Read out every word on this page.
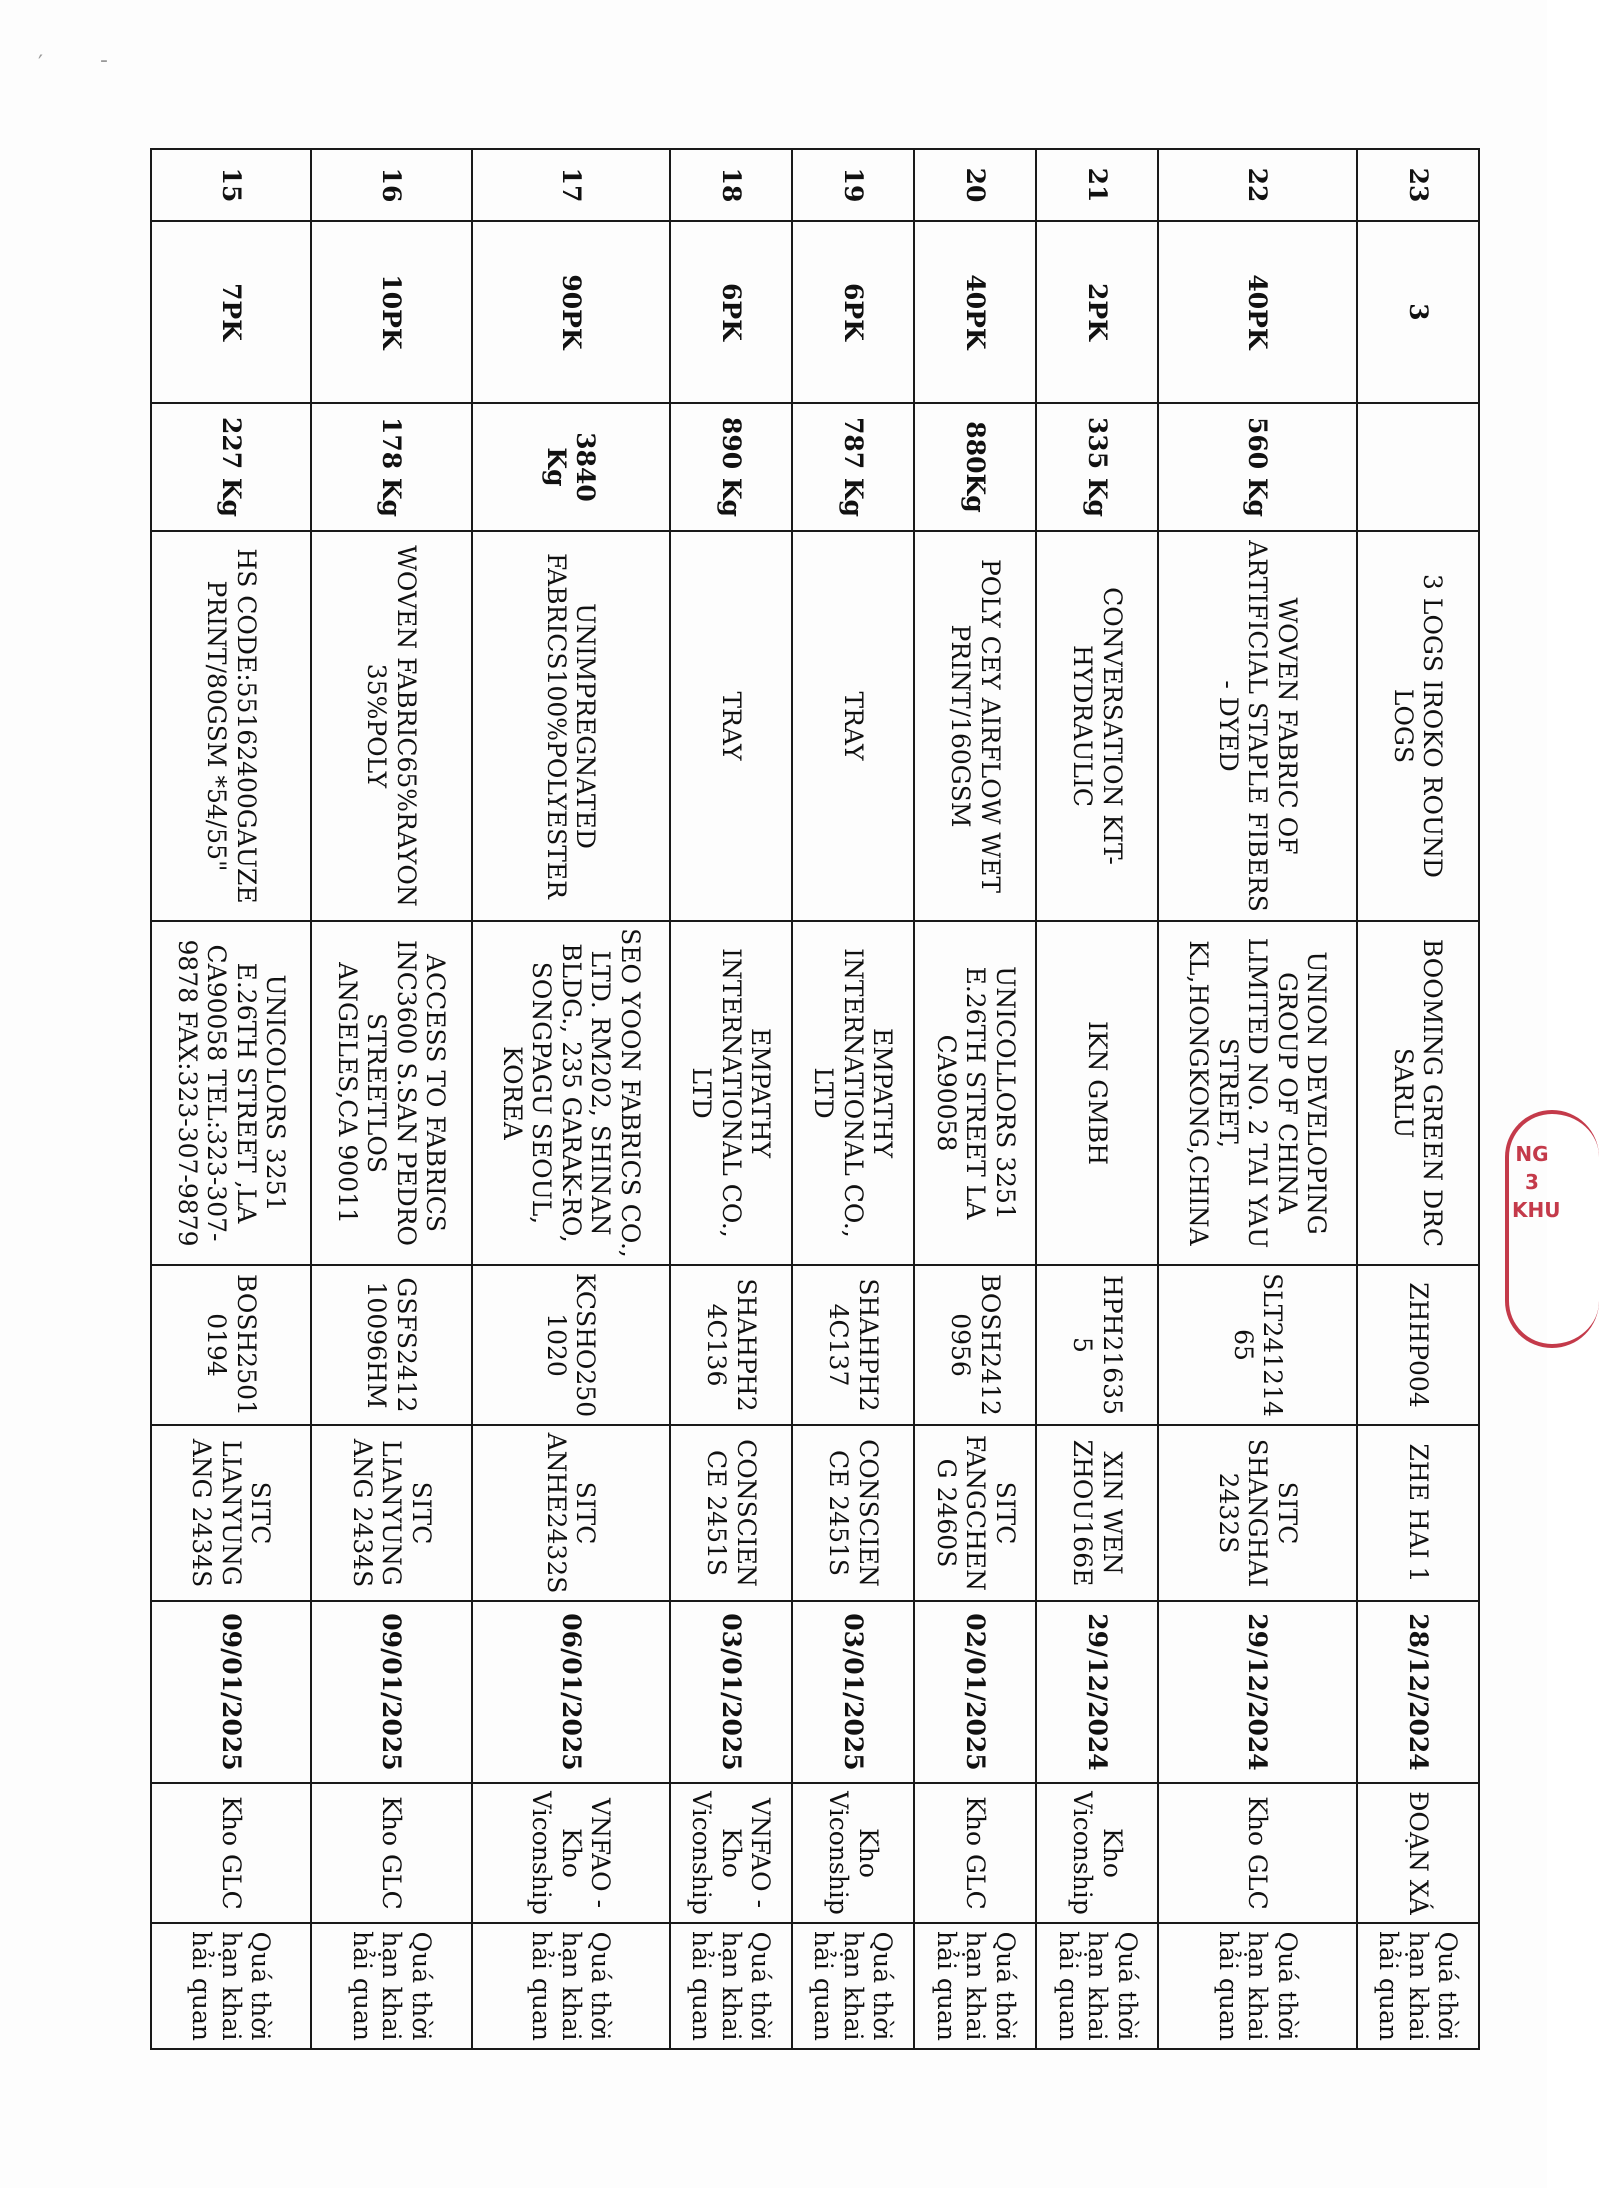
′	-
23	3		3 LOGS IROKO ROUND LOGS	BOOMING GREEN DRC SARLU	ZHHP004	ZHE HAI 1	28/12/2024	ĐOẠN XÁ	Quá thời hạn khai hải quan
22	40PK	560 Kg	WOVEN FABRIC OF ARTIFICIAL STAPLE FIBERS - DYED	UNION DEVELOPING GROUP OF CHINA LIMITED NO. 2 TAI YAU STREET, KL,HONGKONG,CHINA	SLT24121465	SITC SHANGHAI 2432S	29/12/2024	Kho GLC	Quá thời hạn khai hải quan
21	2PK	335 Kg	CONVERSATION KIT-HYDRAULIC	IKN GMBH	HPH216355	XIN WEN ZHOU166E	29/12/2024	Kho Viconship	Quá thời hạn khai hải quan
20	40PK	880Kg	POLY CEY AIRFLOW WET PRINT/160GSM	UNICOLLORS 3251 E.26TH STREET LA CA90058	BOSH24120956	SITC FANGCHENG 2460S	02/01/2025	Kho GLC	Quá thời hạn khai hải quan
19	6PK	787 Kg	TRAY	EMPATHY INTERNATIONAL CO., LTD	SHAHPH24C137	CONSCIENCE 2451S	03/01/2025	Kho Viconship	Quá thời hạn khai hải quan
18	6PK	890 Kg	TRAY	EMPATHY INTERNATIONAL CO., LTD	SHAHPH24C136	CONSCIENCE 2451S	03/01/2025	VNFAO - Kho Viconship	Quá thời hạn khai hải quan
17	90PK	3840 Kg	UNIMPREGNATED FABRICS100%POLYESTER	SEO YOON FABRICS CO., LTD. RM202, SHINAN BLDG., 235 GARAK-RO, SONGPAGU SEOUL, KOREA	KCSHO2501020	SITC ANHE2432S	06/01/2025	VNFAO - Kho Viconship	Quá thời hạn khai hải quan
16	10PK	178 Kg	WOVEN FABRIC65%RAYON 35%POLY	ACCESS TO FABRICS INC3600 S.SAN PEDRO STREETLOS ANGELES,CA 90011	GSFS241210096HM	SITC LIANYUNGANG 2434S	09/01/2025	Kho GLC	Quá thời hạn khai hải quan
15	7PK	227 Kg	HS CODE:55162400GAUZE PRINT/80GSM *54/55"	UNICOLORS 3251 E.26TH STREET ,LA CA90058 TEL:323-307-9878 FAX:323-307-9879	BOSH25010194	SITC LIANYUNGANG 2434S	09/01/2025	Kho GLC	Quá thời hạn khai hải quan
NG 3 KHU
